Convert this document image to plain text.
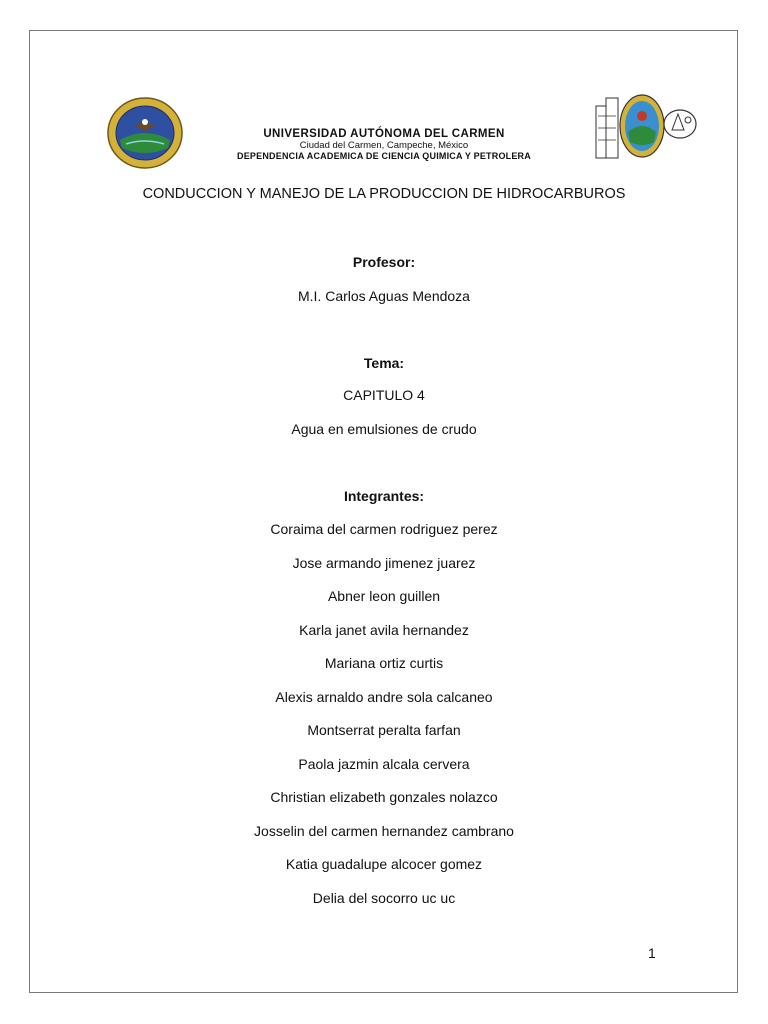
UNIVERSIDAD AUTÓNOMA DEL CARMEN
Ciudad del Carmen, Campeche, México
DEPENDENCIA ACADEMICA DE CIENCIA QUIMICA Y PETROLERA
CONDUCCION Y MANEJO DE LA PRODUCCION DE HIDROCARBUROS
Profesor:
M.I. Carlos Aguas Mendoza
Tema:
CAPITULO 4
Agua en emulsiones de crudo
Integrantes:
Coraima del carmen rodriguez perez
Jose armando jimenez juarez
Abner leon guillen
Karla janet avila hernandez
Mariana ortiz curtis
Alexis arnaldo andre sola calcaneo
Montserrat peralta farfan
Paola jazmin alcala cervera
Christian elizabeth gonzales nolazco
Josselin del carmen hernandez cambrano
Katia guadalupe alcocer gomez
Delia del socorro uc uc
1
